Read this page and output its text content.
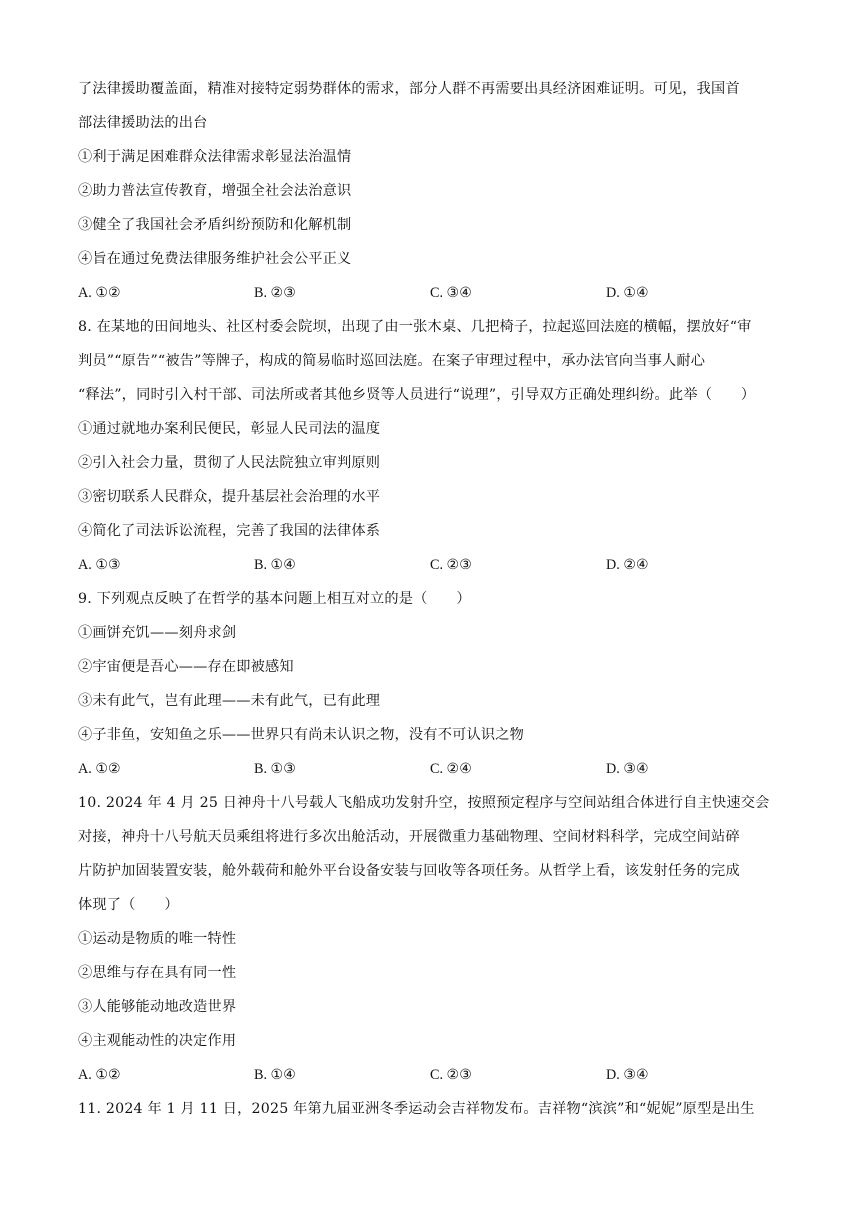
了法律援助覆盖面，精准对接特定弱势群体的需求，部分人群不再需要出具经济困难证明。可见，我国首
部法律援助法的出台
①利于满足困难群众法律需求彰显法治温情
②助力普法宣传教育，增强全社会法治意识
③健全了我国社会矛盾纠纷预防和化解机制
④旨在通过免费法律服务维护社会公平正义
A. ①②	B. ②③	C. ③④	D. ①④
8. 在某地的田间地头、社区村委会院坝，出现了由一张木桌、几把椅子，拉起巡回法庭的横幅，摆放好“审
判员”“原告”“被告”等牌子，构成的简易临时巡回法庭。在案子审理过程中，承办法官向当事人耐心
“释法”，同时引入村干部、司法所或者其他乡贤等人员进行“说理”，引导双方正确处理纠纷。此举（　　）
①通过就地办案利民便民，彰显人民司法的温度
②引入社会力量，贯彻了人民法院独立审判原则
③密切联系人民群众，提升基层社会治理的水平
④简化了司法诉讼流程，完善了我国的法律体系
A. ①③	B. ①④	C. ②③	D. ②④
9. 下列观点反映了在哲学的基本问题上相互对立的是（　　）
①画饼充饥——刻舟求剑
②宇宙便是吾心——存在即被感知
③未有此气，岂有此理——未有此气，已有此理
④子非鱼，安知鱼之乐——世界只有尚未认识之物，没有不可认识之物
A. ①②	B. ①③	C. ②④	D. ③④
10. 2024 年 4 月 25 日神舟十八号载人飞船成功发射升空，按照预定程序与空间站组合体进行自主快速交会
对接，神舟十八号航天员乘组将进行多次出舱活动，开展微重力基础物理、空间材料科学，完成空间站碎
片防护加固装置安装，舱外载荷和舱外平台设备安装与回收等各项任务。从哲学上看，该发射任务的完成
体现了（　　）
①运动是物质的唯一特性
②思维与存在具有同一性
③人能够能动地改造世界
④主观能动性的决定作用
A. ①②	B. ①④	C. ②③	D. ③④
11. 2024 年 1 月 11 日，2025 年第九届亚洲冬季运动会吉祥物发布。吉祥物“滨滨”和“妮妮”原型是出生
